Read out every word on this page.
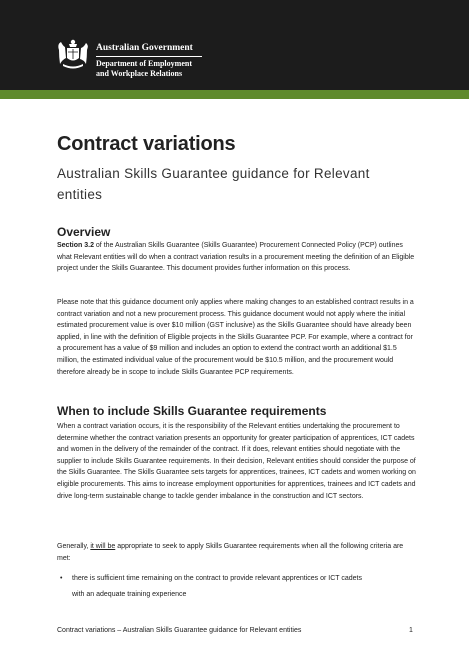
Australian Government
Department of Employment
and Workplace Relations
Contract variations
Australian Skills Guarantee guidance for Relevant entities
Overview
Section 3.2 of the Australian Skills Guarantee (Skills Guarantee) Procurement Connected Policy (PCP) outlines what Relevant entities will do when a contract variation results in a procurement meeting the definition of an Eligible project under the Skills Guarantee. This document provides further information on this process.
Please note that this guidance document only applies where making changes to an established contract results in a contract variation and not a new procurement process. This guidance document would not apply where the initial estimated procurement value is over $10 million (GST inclusive) as the Skills Guarantee should have already been applied, in line with the definition of Eligible projects in the Skills Guarantee PCP. For example, where a contract for a procurement has a value of $9 million and includes an option to extend the contract worth an additional $1.5 million, the estimated individual value of the procurement would be $10.5 million, and the procurement would therefore already be in scope to include Skills Guarantee PCP requirements.
When to include Skills Guarantee requirements
When a contract variation occurs, it is the responsibility of the Relevant entities undertaking the procurement to determine whether the contract variation presents an opportunity for greater participation of apprentices, ICT cadets and women in the delivery of the remainder of the contract. If it does, relevant entities should negotiate with the supplier to include Skills Guarantee requirements. In their decision, Relevant entities should consider the purpose of the Skills Guarantee. The Skills Guarantee sets targets for apprentices, trainees, ICT cadets and women working on eligible procurements. This aims to increase employment opportunities for apprentices, trainees and ICT cadets and drive long-term sustainable change to tackle gender imbalance in the construction and ICT sectors.
Generally, it will be appropriate to seek to apply Skills Guarantee requirements when all the following criteria are met:
• there is sufficient time remaining on the contract to provide relevant apprentices or ICT cadets
with an adequate training experience
Contract variations – Australian Skills Guarantee guidance for Relevant entities	1
